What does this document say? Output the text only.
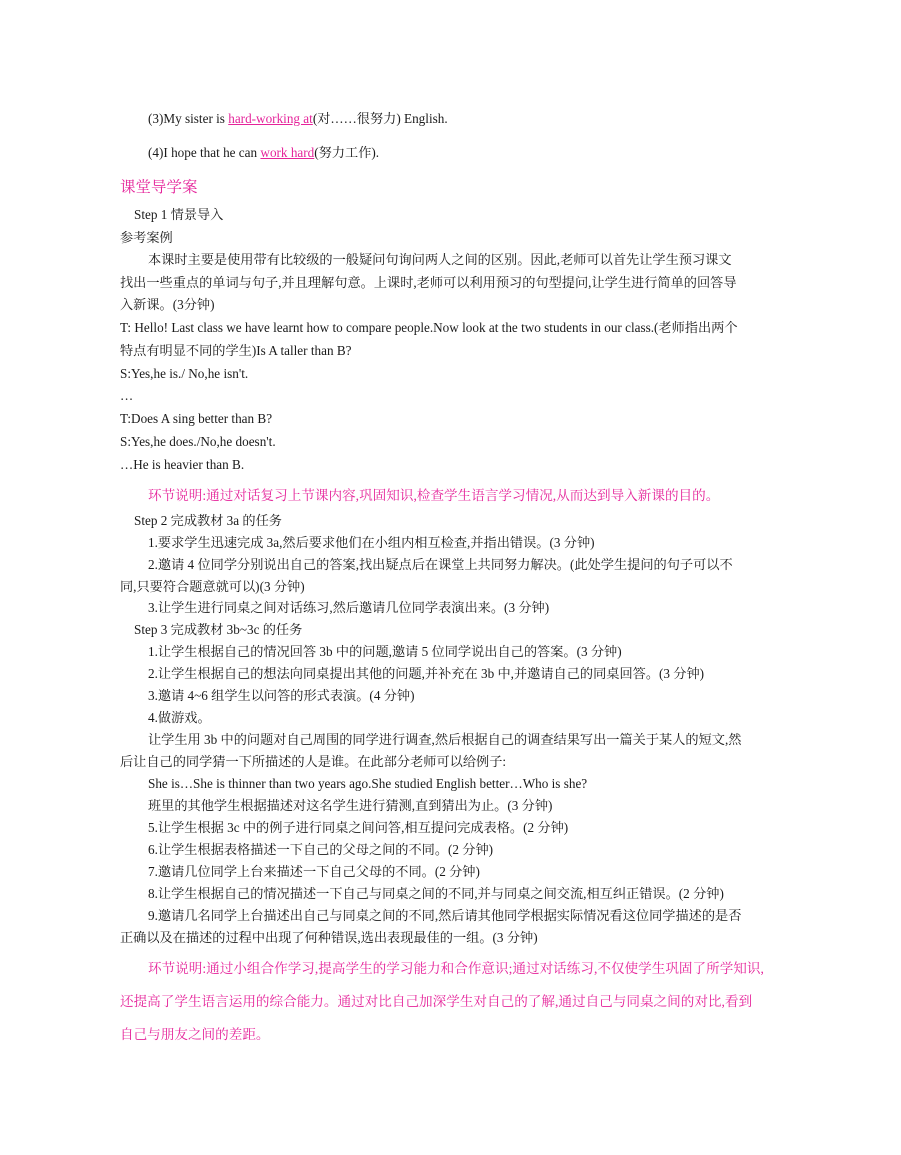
(3)My sister is hard-working at(对……很努力) English.
(4)I hope that he can work hard(努力工作).
课堂导学案
Step 1 情景导入
参考案例
本课时主要是使用带有比较级的一般疑问句询问两人之间的区别。因此,老师可以首先让学生预习课文
找出一些重点的单词与句子,并且理解句意。上课时,老师可以利用预习的句型提问,让学生进行简单的回答导
入新课。(3分钟)
T: Hello! Last class we have learnt how to compare people.Now look at the two students in our class.(老师指出两个
特点有明显不同的学生)Is A taller than B?
S:Yes,he is./ No,he isn't.
…
T:Does A sing better than B?
S:Yes,he does./No,he doesn't.
…He is heavier than B.
环节说明:通过对话复习上节课内容,巩固知识,检查学生语言学习情况,从而达到导入新课的目的。
Step 2 完成教材 3a 的任务
1.要求学生迅速完成 3a,然后要求他们在小组内相互检查,并指出错误。(3 分钟)
2.邀请 4 位同学分别说出自己的答案,找出疑点后在课堂上共同努力解决。(此处学生提问的句子可以不
同,只要符合题意就可以)(3 分钟)
3.让学生进行同桌之间对话练习,然后邀请几位同学表演出来。(3 分钟)
Step 3 完成教材 3b~3c 的任务
1.让学生根据自己的情况回答 3b 中的问题,邀请 5 位同学说出自己的答案。(3 分钟)
2.让学生根据自己的想法向同桌提出其他的问题,并补充在 3b 中,并邀请自己的同桌回答。(3 分钟)
3.邀请 4~6 组学生以问答的形式表演。(4 分钟)
4.做游戏。
让学生用 3b 中的问题对自己周围的同学进行调查,然后根据自己的调查结果写出一篇关于某人的短文,然
后让自己的同学猜一下所描述的人是谁。在此部分老师可以给例子:
She is…She is thinner than two years ago.She studied English better…Who is she?
班里的其他学生根据描述对这名学生进行猜测,直到猜出为止。(3 分钟)
5.让学生根据 3c 中的例子进行同桌之间问答,相互提问完成表格。(2 分钟)
6.让学生根据表格描述一下自己的父母之间的不同。(2 分钟)
7.邀请几位同学上台来描述一下自己父母的不同。(2 分钟)
8.让学生根据自己的情况描述一下自己与同桌之间的不同,并与同桌之间交流,相互纠正错误。(2 分钟)
9.邀请几名同学上台描述出自己与同桌之间的不同,然后请其他同学根据实际情况看这位同学描述的是否
正确以及在描述的过程中出现了何种错误,选出表现最佳的一组。(3 分钟)
环节说明:通过小组合作学习,提高学生的学习能力和合作意识;通过对话练习,不仅使学生巩固了所学知识,
还提高了学生语言运用的综合能力。通过对比自己加深学生对自己的了解,通过自己与同桌之间的对比,看到
自己与朋友之间的差距。
